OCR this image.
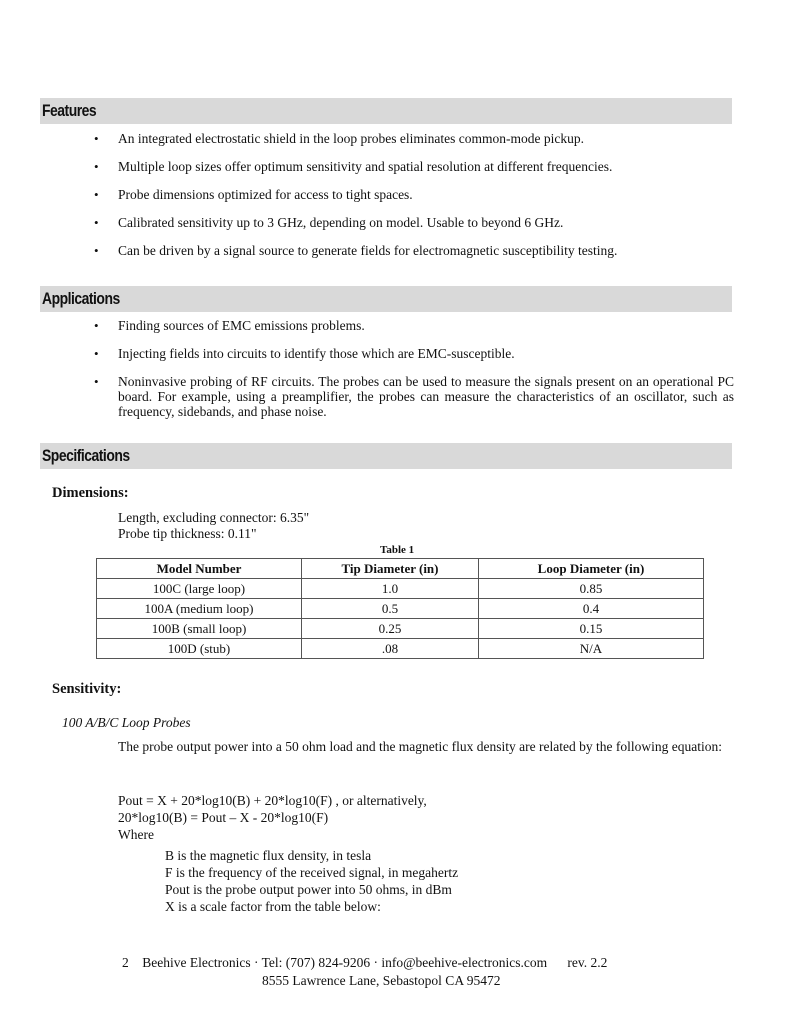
Features
• An integrated electrostatic shield in the loop probes eliminates common-mode pickup.
• Multiple loop sizes offer optimum sensitivity and spatial resolution at different frequencies.
• Probe dimensions optimized for access to tight spaces.
• Calibrated sensitivity up to 3 GHz, depending on model. Usable to beyond 6 GHz.
• Can be driven by a signal source to generate fields for electromagnetic susceptibility testing.
Applications
• Finding sources of EMC emissions problems.
• Injecting fields into circuits to identify those which are EMC-susceptible.
• Noninvasive probing of RF circuits. The probes can be used to measure the signals present on an operational PC board. For example, using a preamplifier, the probes can measure the characteristics of an oscillator, such as frequency, sidebands, and phase noise.
Specifications
Dimensions:
Length, excluding connector: 6.35"
Probe tip thickness: 0.11"
Table 1
Model Number	Tip Diameter (in)	Loop Diameter (in)
100C (large loop)	1.0	0.85
100A (medium loop)	0.5	0.4
100B (small loop)	0.25	0.15
100D (stub)	.08	N/A
Sensitivity:
100 A/B/C Loop Probes
The probe output power into a 50 ohm load and the magnetic flux density are related by the following equation:
Pout = X + 20*log10(B) + 20*log10(F) , or alternatively,
20*log10(B) = Pout – X - 20*log10(F)
Where
B is the magnetic flux density, in tesla
F is the frequency of the received signal, in megahertz
Pout is the probe output power into 50 ohms, in dBm
X is a scale factor from the table below:
2    Beehive Electronics · Tel: (707) 824-9206 · info@beehive-electronics.com      rev. 2.2
8555 Lawrence Lane, Sebastopol CA 95472
